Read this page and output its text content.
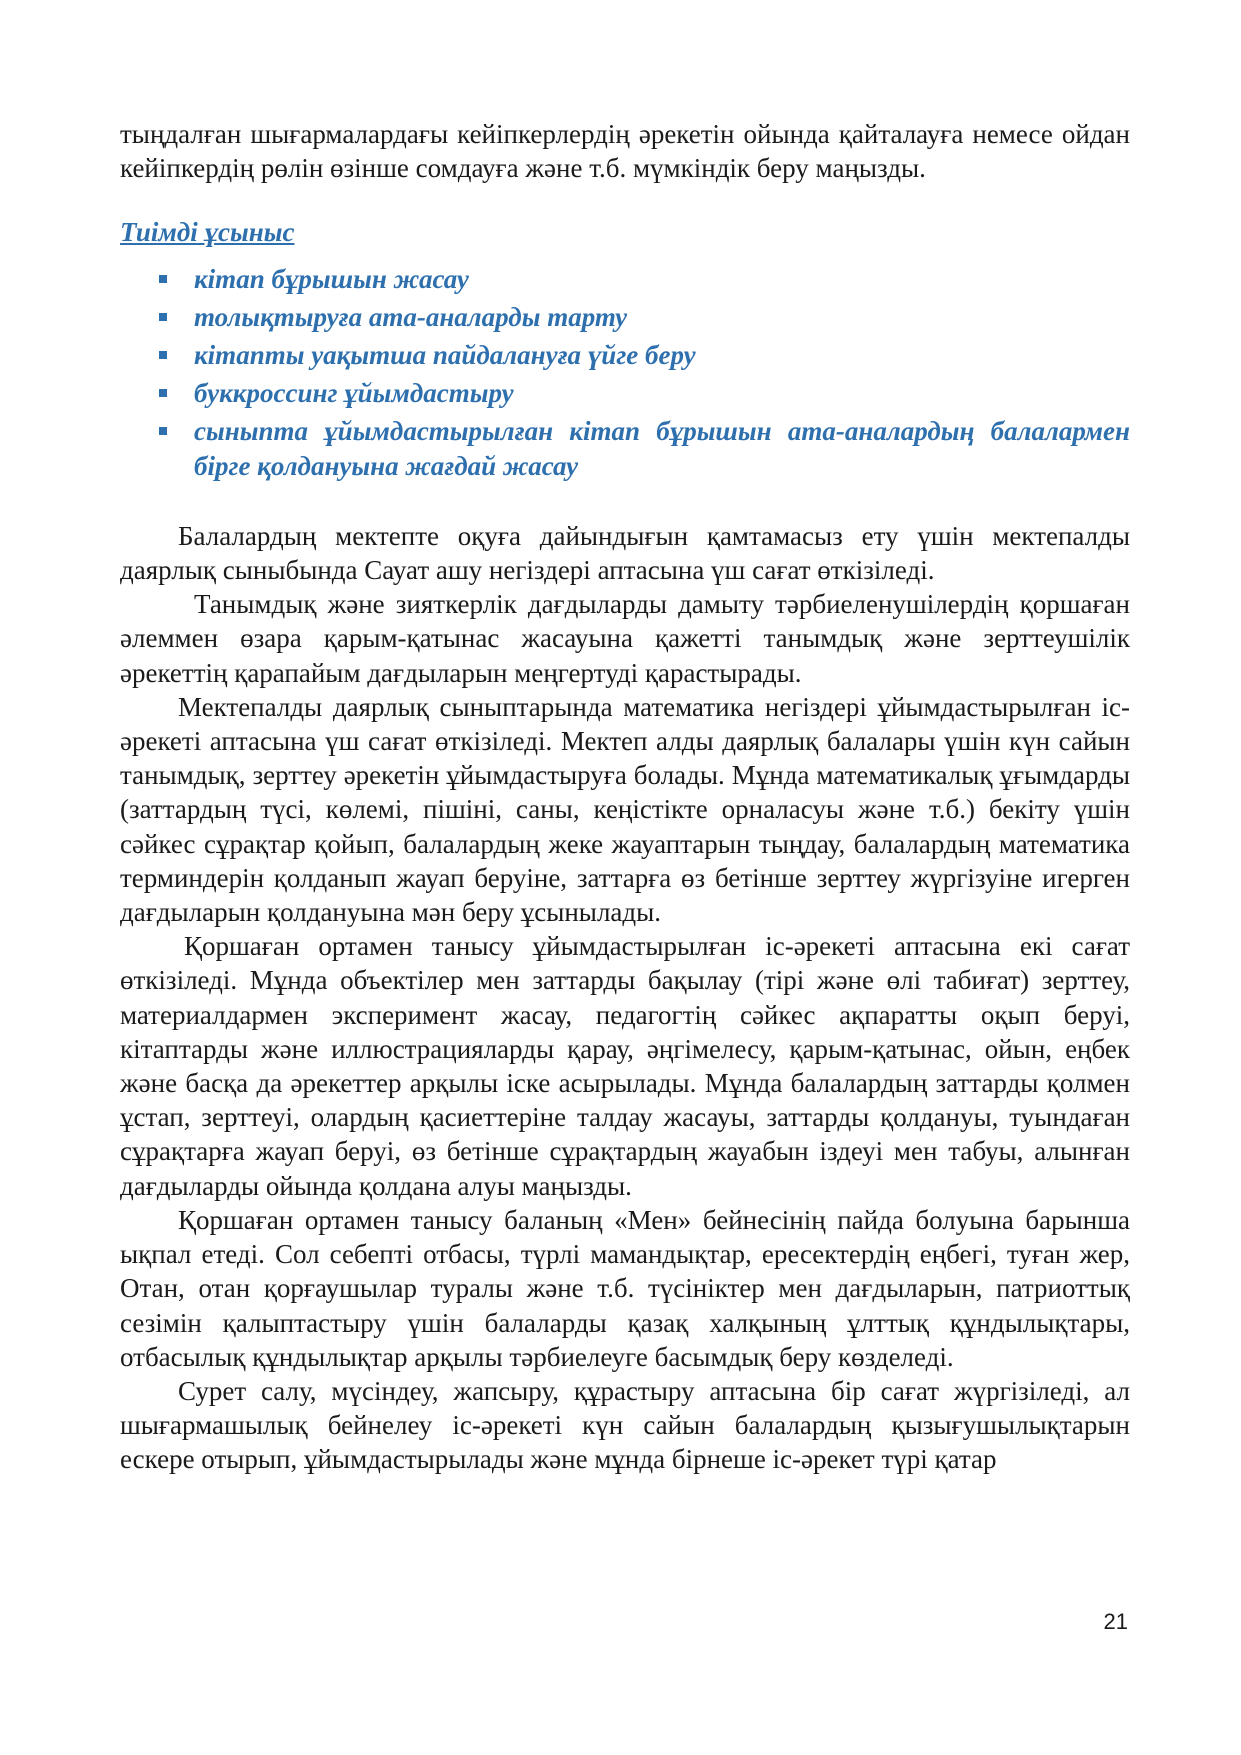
тыңдалған шығармалардағы кейіпкерлердің әрекетін ойында қайталауға немесе ойдан кейіпкердің рөлін өзінше сомдауға және т.б. мүмкіндік беру маңызды.

Тиімді ұсыныс

кітап бұрышын жасау
толықтыруға ата-аналарды тарту
кітапты уақытша пайдалануға үйге беру
буккроссинг ұйымдастыру
сыныпта ұйымдастырылған кітап бұрышын ата-аналардың балалармен бірге қолдануына жағдай жасау

Балалардың мектепте оқуға дайындығын қамтамасыз ету үшін мектепалды даярлық сыныбында Сауат ашу негіздері аптасына үш сағат өткізіледі.

Танымдық және зияткерлік дағдыларды дамыту тәрбиеленушілердің қоршаған әлеммен өзара қарым-қатынас жасауына қажетті танымдық және зерттеушілік әрекеттің қарапайым дағдыларын меңгертуді қарастырады.

Мектепалды даярлық сыныптарында математика негіздері ұйымдастырылған іс-әрекеті аптасына үш сағат өткізіледі. Мектеп алды даярлық балалары үшін күн сайын танымдық, зерттеу әрекетін ұйымдастыруға болады. Мұнда математикалық ұғымдарды (заттардың түсі, көлемі, пішіні, саны, кеңістікте орналасуы және т.б.) бекіту үшін сәйкес сұрақтар қойып, балалардың жеке жауаптарын тыңдау, балалардың математика терминдерін қолданып жауап беруіне, заттарға өз бетінше зерттеу жүргізуіне игерген дағдыларын қолдануына мән беру ұсынылады.

Қоршаған ортамен танысу ұйымдастырылған іс-әрекеті аптасына екі сағат өткізіледі. Мұнда объектілер мен заттарды бақылау (тірі және өлі табиғат) зерттеу, материалдармен эксперимент жасау, педагогтің сәйкес ақпаратты оқып беруі, кітаптарды және иллюстрацияларды қарау, әңгімелесу, қарым-қатынас, ойын, еңбек және басқа да әрекеттер арқылы іске асырылады. Мұнда балалардың заттарды қолмен ұстап, зерттеуі, олардың қасиеттеріне талдау жасауы, заттарды қолдануы, туындаған сұрақтарға жауап беруі, өз бетінше сұрақтардың жауабын іздеуі мен табуы, алынған дағдыларды ойында қолдана алуы маңызды.

Қоршаған ортамен танысу баланың «Мен» бейнесінің пайда болуына барынша ықпал етеді. Сол себепті отбасы, түрлі мамандықтар, ересектердің еңбегі, туған жер, Отан, отан қорғаушылар туралы және т.б. түсініктер мен дағдыларын, патриоттық сезімін қалыптастыру үшін балаларды қазақ халқының ұлттық құндылықтары, отбасылық құндылықтар арқылы тәрбиелеуге басымдық беру көзделеді.

Сурет салу, мүсіндеу, жапсыру, құрастыру аптасына бір сағат жүргізіледі, ал шығармашылық бейнелеу іс-әрекеті күн сайын балалардың қызығушылықтарын ескере отырып, ұйымдастырылады және мұнда бірнеше іс-әрекет түрі қатар

21
